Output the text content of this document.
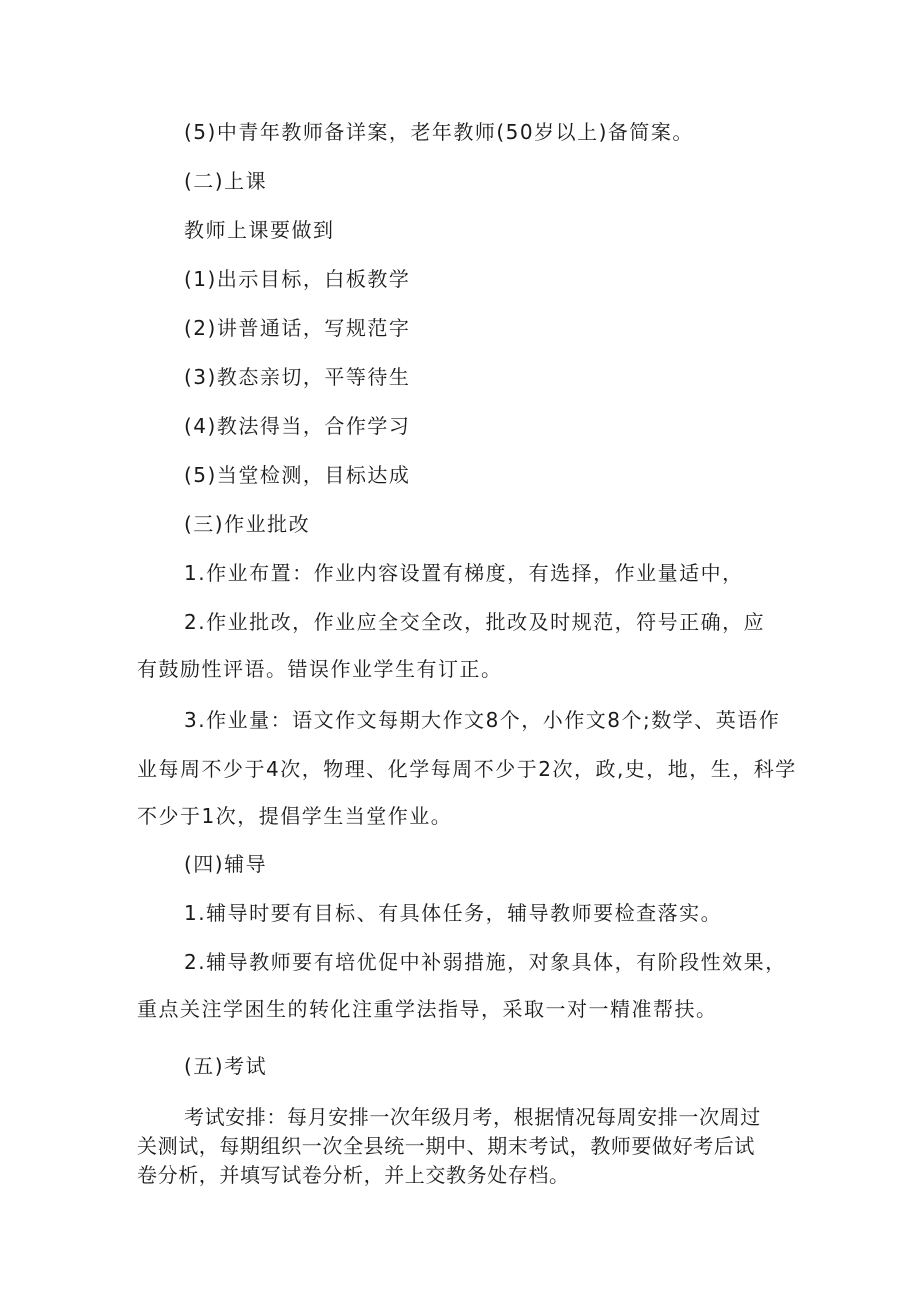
(5)中青年教师备详案，老年教师(50岁以上)备简案。
(二)上课
教师上课要做到
(1)出示目标，白板教学
(2)讲普通话，写规范字
(3)教态亲切，平等待生
(4)教法得当，合作学习
(5)当堂检测，目标达成
(三)作业批改
1.作业布置：作业内容设置有梯度，有选择，作业量适中，
2.作业批改，作业应全交全改，批改及时规范，符号正确，应
有鼓励性评语。错误作业学生有订正。
3.作业量：语文作文每期大作文8个，小作文8个;数学、英语作
业每周不少于4次，物理、化学每周不少于2次，政,史，地，生，科学
不少于1次，提倡学生当堂作业。
(四)辅导
1.辅导时要有目标、有具体任务，辅导教师要检查落实。
2.辅导教师要有培优促中补弱措施，对象具体，有阶段性效果，
重点关注学困生的转化注重学法指导，采取一对一精准帮扶。
(五)考试
考试安排：每月安排一次年级月考，根据情况每周安排一次周过
关测试，每期组织一次全县统一期中、期末考试，教师要做好考后试
卷分析，并填写试卷分析，并上交教务处存档。
